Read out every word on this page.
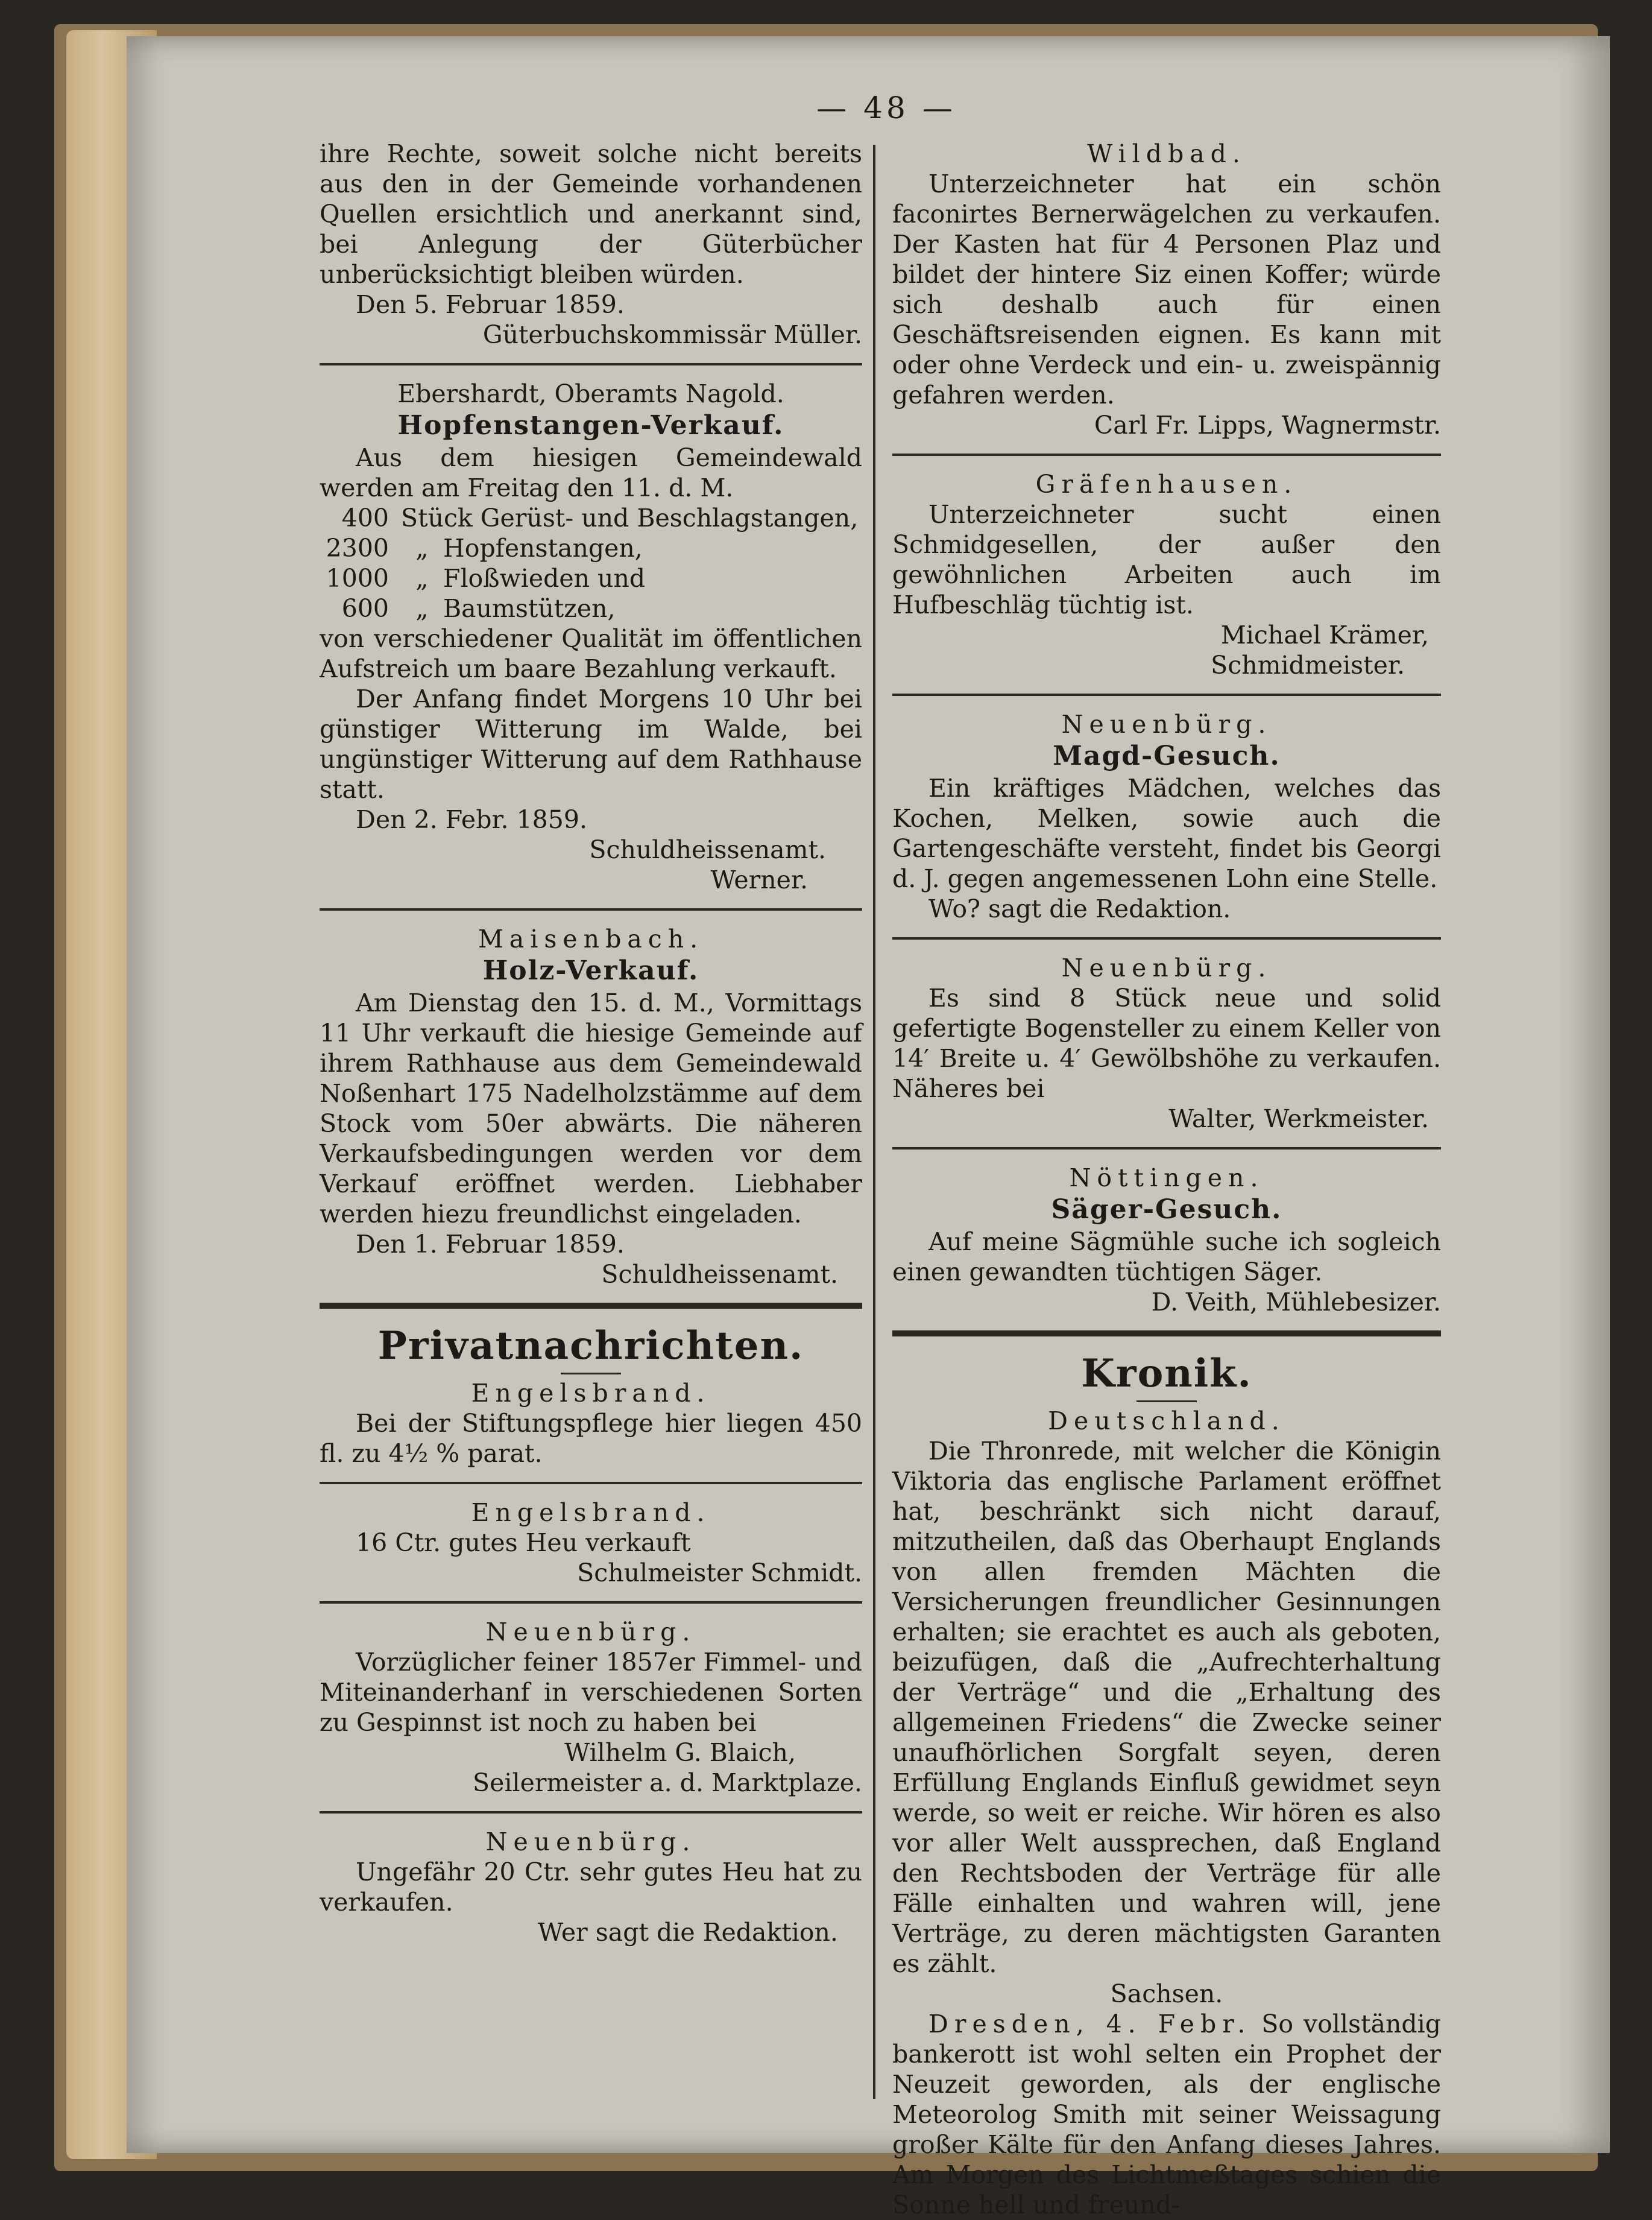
— 48 —

ihre Rechte, soweit solche nicht bereits aus den in der Gemeinde vorhandenen Quellen ersichtlich und anerkannt sind, bei Anlegung der Güterbücher unberücksichtigt bleiben würden.

Den 5. Februar 1859.

Güterbuchskommissär Müller.

Ebershardt, Oberamts Nagold.

Hopfenstangen-Verkauf.

Aus dem hiesigen Gemeindewald werden am Freitag den 11. d. M.

400 Stück Gerüst- und Beschlagstangen,
2300	„ Hopfenstangen,
1000	„ Floßwieden und
600	„ Baumstützen,

von verschiedener Qualität im öffentlichen Aufstreich um baare Bezahlung verkauft.

Der Anfang findet Morgens 10 Uhr bei günstiger Witterung im Walde, bei ungünstiger Witterung auf dem Rathhause statt.

Den 2. Febr. 1859.

Schuldheissenamt.

Werner.

Maisenbach.

Holz-Verkauf.

Am Dienstag den 15. d. M., Vormittags 11 Uhr verkauft die hiesige Gemeinde auf ihrem Rathhause aus dem Gemeindewald Noßenhart 175 Nadelholzstämme auf dem Stock vom 50er abwärts. Die näheren Verkaufsbedingungen werden vor dem Verkauf eröffnet werden. Liebhaber werden hiezu freundlichst eingeladen.

Den 1. Februar 1859.

Schuldheissenamt.

Privatnachrichten.

Engelsbrand.

Bei der Stiftungspflege hier liegen 450 fl. zu 4½ % parat.

Engelsbrand.

16 Ctr. gutes Heu verkauft

Schulmeister Schmidt.

Neuenbürg.

Vorzüglicher feiner 1857er Fimmel- und Miteinanderhanf in verschiedenen Sorten zu Gespinnst ist noch zu haben bei

Wilhelm G. Blaich,

Seilermeister a. d. Marktplaze.

Neuenbürg.

Ungefähr 20 Ctr. sehr gutes Heu hat zu verkaufen.

Wer sagt die Redaktion.

Wildbad.

Unterzeichneter hat ein schön faconirtes Bernerwägelchen zu verkaufen. Der Kasten hat für 4 Personen Plaz und bildet der hintere Siz einen Koffer; würde sich deshalb auch für einen Geschäftsreisenden eignen. Es kann mit oder ohne Verdeck und ein- u. zweispännig gefahren werden.

Carl Fr. Lipps, Wagnermstr.

Gräfenhausen.

Unterzeichneter sucht einen Schmidgesellen, der außer den gewöhnlichen Arbeiten auch im Hufbeschläg tüchtig ist.

Michael Krämer,

Schmidmeister.

Neuenbürg.

Magd-Gesuch.

Ein kräftiges Mädchen, welches das Kochen, Melken, sowie auch die Gartengeschäfte versteht, findet bis Georgi d. J. gegen angemessenen Lohn eine Stelle.

Wo? sagt die Redaktion.

Neuenbürg.

Es sind 8 Stück neue und solid gefertigte Bogensteller zu einem Keller von 14′ Breite u. 4′ Gewölbshöhe zu verkaufen. Näheres bei

Walter, Werkmeister.

Nöttingen.

Säger-Gesuch.

Auf meine Sägmühle suche ich sogleich einen gewandten tüchtigen Säger.

D. Veith, Mühlebesizer.

Kronik.

Deutschland.

Die Thronrede, mit welcher die Königin Viktoria das englische Parlament eröffnet hat, beschränkt sich nicht darauf, mitzutheilen, daß das Oberhaupt Englands von allen fremden Mächten die Versicherungen freundlicher Gesinnungen erhalten; sie erachtet es auch als geboten, beizufügen, daß die „Aufrechterhaltung der Verträge“ und die „Erhaltung des allgemeinen Friedens“ die Zwecke seiner unaufhörlichen Sorgfalt seyen, deren Erfüllung Englands Einfluß gewidmet seyn werde, so weit er reiche. Wir hören es also vor aller Welt aussprechen, daß England den Rechtsboden der Verträge für alle Fälle einhalten und wahren will, jene Verträge, zu deren mächtigsten Garanten es zählt.

Sachsen.

Dresden, 4. Febr. So vollständig bankerott ist wohl selten ein Prophet der Neuzeit geworden, als der englische Meteorolog Smith mit seiner Weissagung großer Kälte für den Anfang dieses Jahres. Am Morgen des Lichtmeßtages schien die Sonne hell und freund-
